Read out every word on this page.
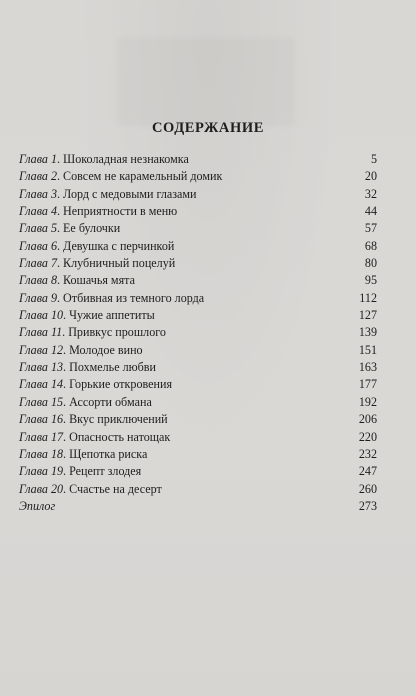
СОДЕРЖАНИЕ
Глава 1. Шоколадная незнакомка	5
Глава 2. Совсем не карамельный домик	20
Глава 3. Лорд с медовыми глазами	32
Глава 4. Неприятности в меню	44
Глава 5. Ее булочки	57
Глава 6. Девушка с перчинкой	68
Глава 7. Клубничный поцелуй	80
Глава 8. Кошачья мята	95
Глава 9. Отбивная из темного лорда	112
Глава 10. Чужие аппетиты	127
Глава 11. Привкус прошлого	139
Глава 12. Молодое вино	151
Глава 13. Похмелье любви	163
Глава 14. Горькие откровения	177
Глава 15. Ассорти обмана	192
Глава 16. Вкус приключений	206
Глава 17. Опасность натощак	220
Глава 18. Щепотка риска	232
Глава 19. Рецепт злодея	247
Глава 20. Счастье на десерт	260
Эпилог	273
